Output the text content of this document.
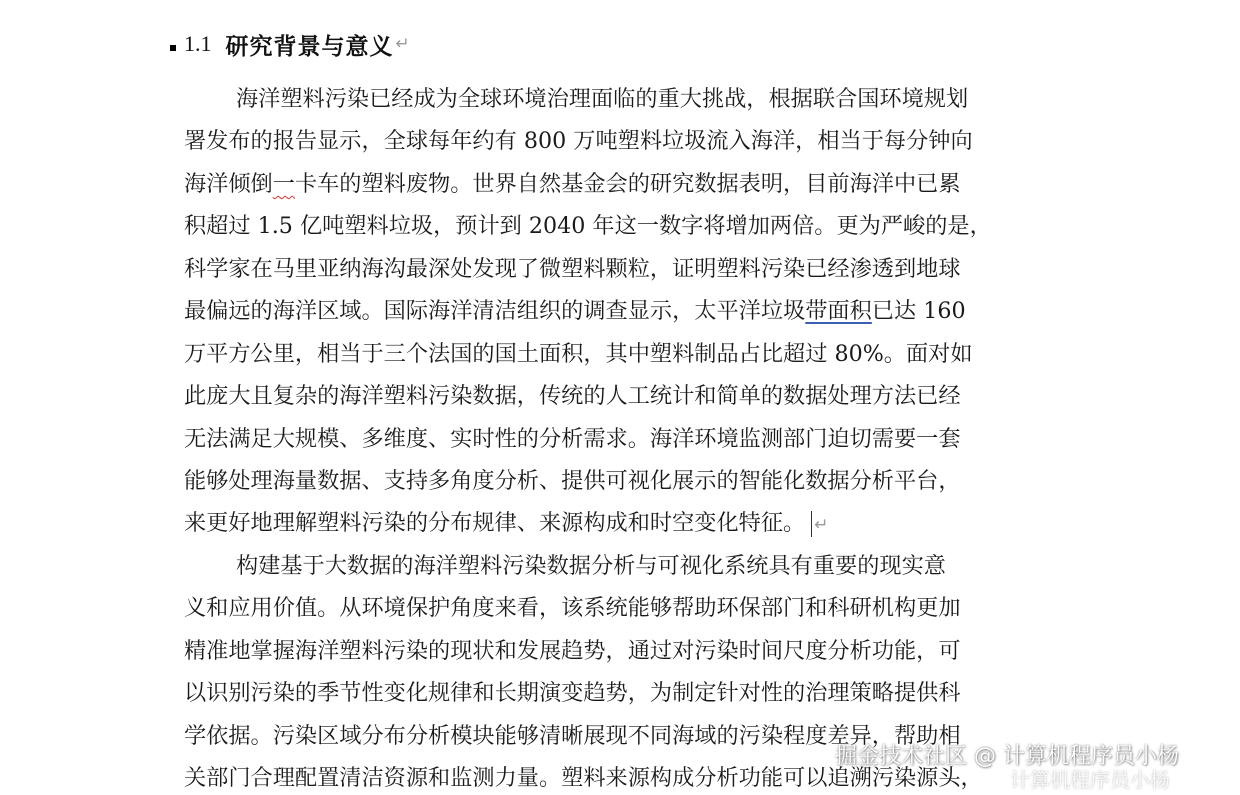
1.1 研究背景与意义 ↵
海洋塑料污染已经成为全球环境治理面临的重大挑战，根据联合国环境规划
署发布的报告显示，全球每年约有 800 万吨塑料垃圾流入海洋，相当于每分钟向
海洋倾倒一卡车的塑料废物。世界自然基金会的研究数据表明，目前海洋中已累
积超过 1.5 亿吨塑料垃圾，预计到 2040 年这一数字将增加两倍。更为严峻的是，
科学家在马里亚纳海沟最深处发现了微塑料颗粒，证明塑料污染已经渗透到地球
最偏远的海洋区域。国际海洋清洁组织的调查显示，太平洋垃圾带面积已达 160
万平方公里，相当于三个法国的国土面积，其中塑料制品占比超过 80%。面对如
此庞大且复杂的海洋塑料污染数据，传统的人工统计和简单的数据处理方法已经
无法满足大规模、多维度、实时性的分析需求。海洋环境监测部门迫切需要一套
能够处理海量数据、支持多角度分析、提供可视化展示的智能化数据分析平台，
来更好地理解塑料污染的分布规律、来源构成和时空变化特征。 ↵
构建基于大数据的海洋塑料污染数据分析与可视化系统具有重要的现实意
义和应用价值。从环境保护角度来看，该系统能够帮助环保部门和科研机构更加
精准地掌握海洋塑料污染的现状和发展趋势，通过对污染时间尺度分析功能，可
以识别污染的季节性变化规律和长期演变趋势，为制定针对性的治理策略提供科
学依据。污染区域分布分析模块能够清晰展现不同海域的污染程度差异，帮助相
关部门合理配置清洁资源和监测力量。塑料来源构成分析功能可以追溯污染源头，
掘金技术社区 @ 计算机程序员小杨
计算机程序员小杨
